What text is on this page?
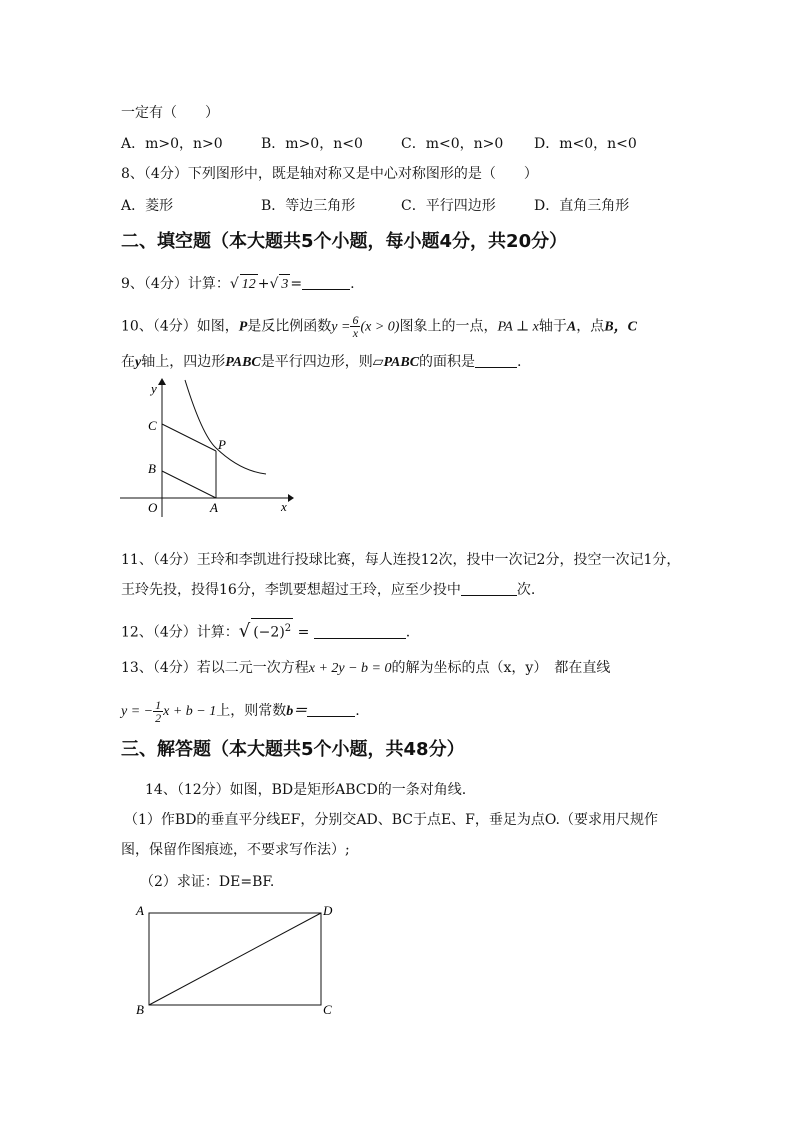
一定有（　　）
A．m>0，n>0	B．m>0，n<0	C．m<0，n>0 D．m<0，n<0
8、（4分）下列图形中，既是轴对称又是中心对称图形的是（　　）
A．菱形	B．等边三角形	C．平行四边形	D．直角三角形
二、填空题（本大题共5个小题，每小题4分，共20分）
9、（4分）计算：√ 12 +√ 3 =	.
10、（4分）如图，P是反比例函数$y = \frac{6}{x} (x > 0)$图象上的一点，PA ⊥ x轴于A，点B，C
在y轴上，四边形PABC是平行四边形，则▱PABC的面积是	.
y
x
O	A
B
C
P
11、（4分）王玲和李凯进行投球比赛，每人连投12次，投中一次记2分，投空一次记1分，
王玲先投，投得16分，李凯要想超过王玲，应至少投中	次.
12、（4分）计算：√ $(-2)^2$ =	.
13、（4分）若以二元一次方程x + 2y − b = 0的解为坐标的点（x，y）　都在直线
y = − $\frac{1}{2}$ x + b − 1上，则常数b＝	.
三、解答题（本大题共5个小题，共48分）
14、（12分）如图，BD是矩形ABCD的一条对角线.
（1）作BD的垂直平分线EF，分别交AD、BC于点E、F，垂足为点O.（要求用尺规作
图，保留作图痕迹，不要求写作法）;
（2）求证：DE=BF.
A
B	C
D
